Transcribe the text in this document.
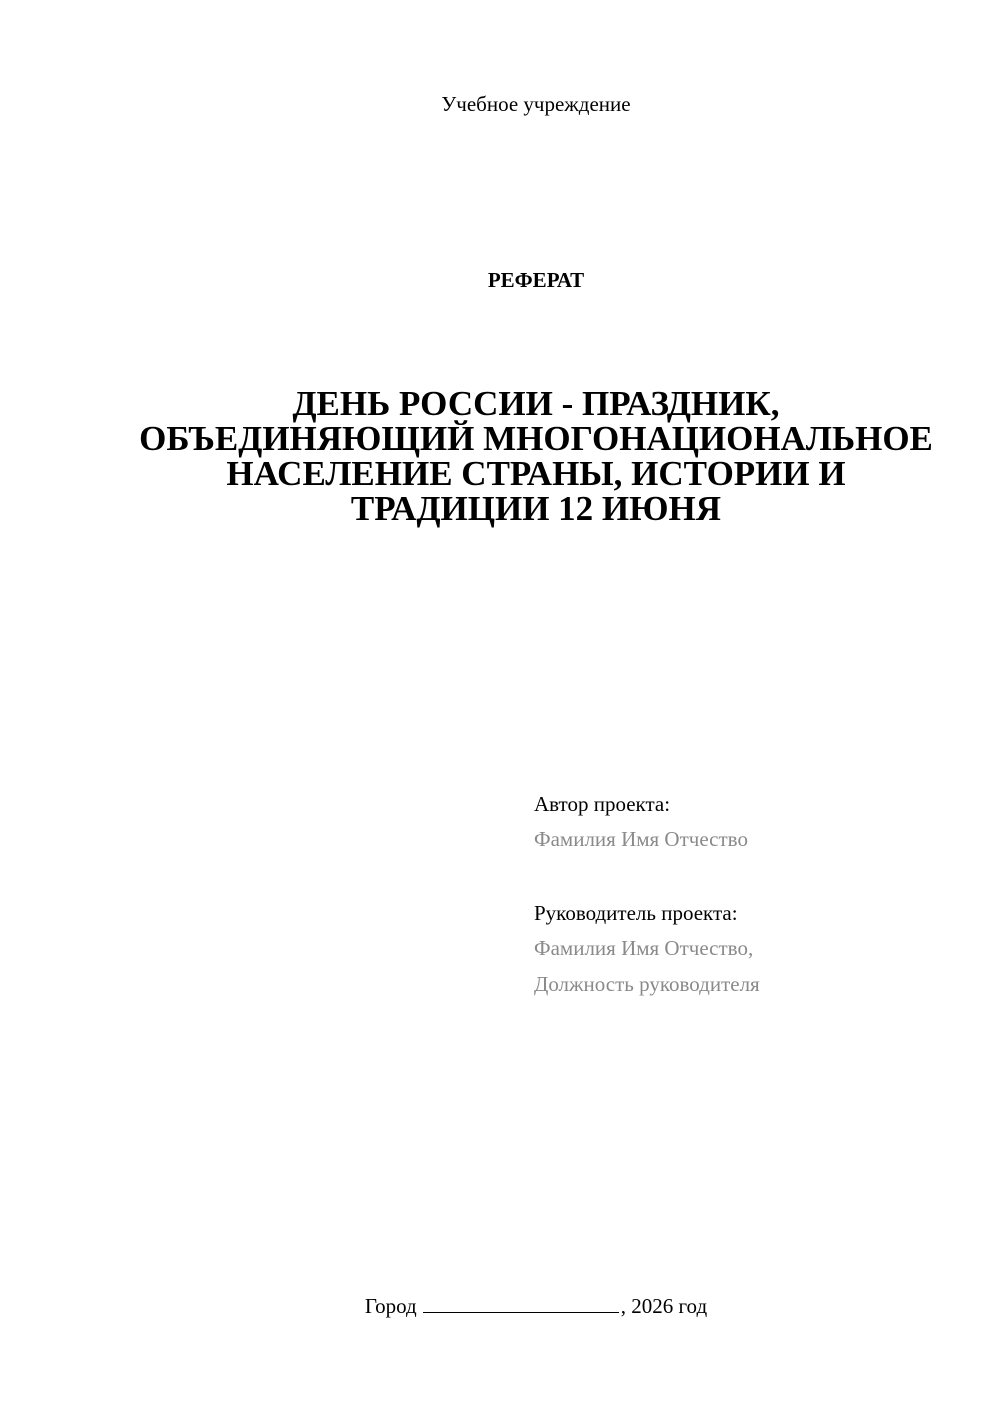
Учебное учреждение
РЕФЕРАТ
ДЕНЬ РОССИИ - ПРАЗДНИК, ОБЪЕДИНЯЮЩИЙ МНОГОНАЦИОНАЛЬНОЕ НАСЕЛЕНИЕ СТРАНЫ, ИСТОРИИ И ТРАДИЦИИ 12 ИЮНЯ
Автор проекта:
Фамилия Имя Отчество
Руководитель проекта:
Фамилия Имя Отчество,
Должность руководителя
Город	, 2026 год
